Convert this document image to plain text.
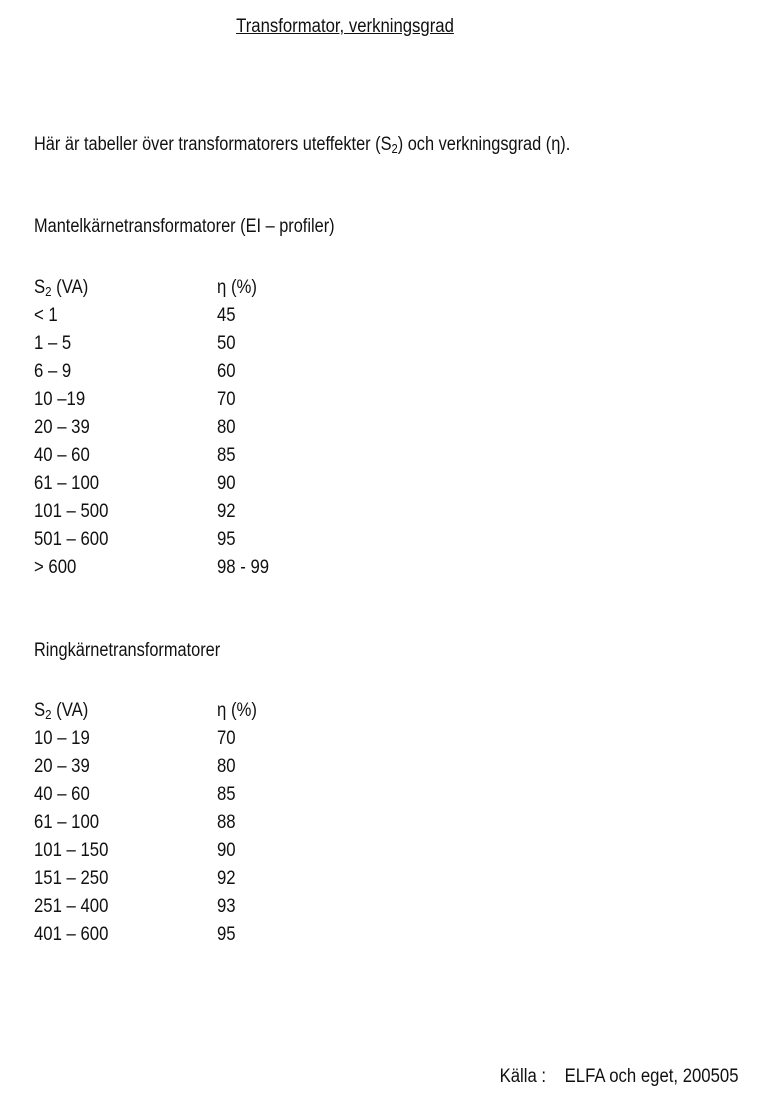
Transformator, verkningsgrad
Här är tabeller över transformatorers uteffekter $(S_2)$ och verkningsgrad (η).
Mantelkärnetransformatorer (EI – profiler)
$S_2$ (VA)	η (%)
< 1	45
1 – 5	50
6 – 9	60
10 –19	70
20 – 39	80
40 – 60	85
61 – 100	90
101 – 500	92
501 – 600	95
> 600	98 - 99
Ringkärnetransformatorer
$S_2$ (VA)	η (%)
10 – 19	70
20 – 39	80
40 – 60	85
61 – 100	88
101 – 150	90
151 – 250	92
251 – 400	93
401 – 600	95
Källa : ELFA och eget, 200505
